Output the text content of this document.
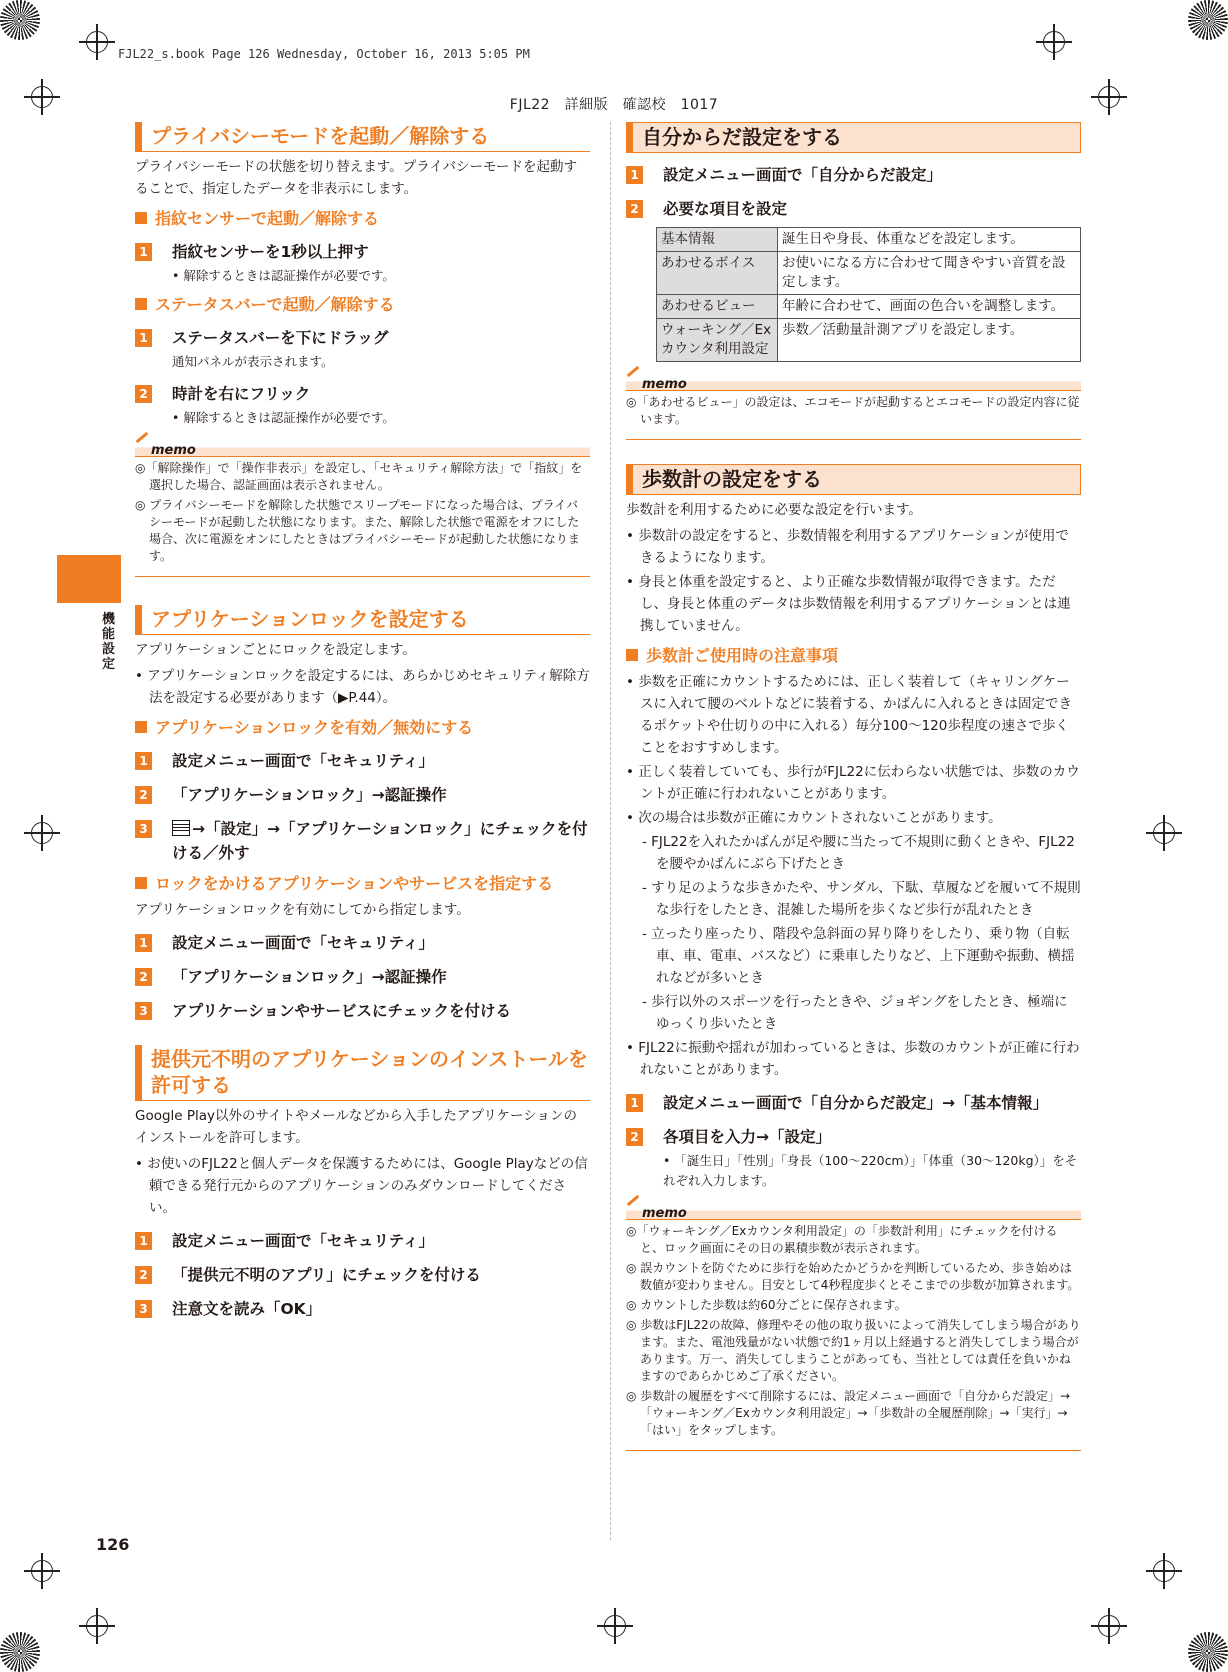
FJL22_s.book Page 126 Wednesday, October 16, 2013 5:05 PM
FJL22　詳細版　確認校　1017
機能設定
126
プライバシーモードを起動／解除する

プライバシーモードの状態を切り替えます。プライバシーモードを起動することで、指定したデータを非表示にします。

指紋センサーで起動／解除する
1 指紋センサーを1秒以上押す
• 解除するときは認証操作が必要です。
ステータスバーで起動／解除する
1 ステータスバーを下にドラッグ
通知パネルが表示されます。
2 時計を右にフリック
• 解除するときは認証操作が必要です。
memo
◎「解除操作」で「操作非表示」を設定し、「セキュリティ解除方法」で「指紋」を選択した場合、認証画面は表示されません。
◎ プライバシーモードを解除した状態でスリープモードになった場合は、プライバシーモードが起動した状態になります。また、解除した状態で電源をオフにした場合、次に電源をオンにしたときはプライバシーモードが起動した状態になります。
アプリケーションロックを設定する

アプリケーションごとにロックを設定します。

• アプリケーションロックを設定するには、あらかじめセキュリティ解除方法を設定する必要があります（▶P.44）。
アプリケーションロックを有効／無効にする
1 設定メニュー画面で「セキュリティ」
2 「アプリケーションロック」→認証操作
3	→「設定」→「アプリケーションロック」にチェックを付ける／外す
ロックをかけるアプリケーションやサービスを指定する

アプリケーションロックを有効にしてから指定します。

1 設定メニュー画面で「セキュリティ」
2 「アプリケーションロック」→認証操作
3 アプリケーションやサービスにチェックを付ける
提供元不明のアプリケーションのインストールを許可する

Google Play以外のサイトやメールなどから入手したアプリケーションのインストールを許可します。

• お使いのFJL22と個人データを保護するためには、Google Playなどの信頼できる発行元からのアプリケーションのみダウンロードしてください。
1 設定メニュー画面で「セキュリティ」
2 「提供元不明のアプリ」にチェックを付ける
3 注意文を読み「OK」
自分からだ設定をする
1 設定メニュー画面で「自分からだ設定」
2 必要な項目を設定
基本情報	誕生日や身長、体重などを設定します。
あわせるボイス	お使いになる方に合わせて聞きやすい音質を設定します。
あわせるビュー	年齢に合わせて、画面の色合いを調整します。
ウォーキング／Exカウンタ利用設定	歩数／活動量計測アプリを設定します。
memo
◎「あわせるビュー」の設定は、エコモードが起動するとエコモードの設定内容に従います。
歩数計の設定をする

歩数計を利用するために必要な設定を行います。

• 歩数計の設定をすると、歩数情報を利用するアプリケーションが使用できるようになります。
• 身長と体重を設定すると、より正確な歩数情報が取得できます。ただし、身長と体重のデータは歩数情報を利用するアプリケーションとは連携していません。
歩数計ご使用時の注意事項
• 歩数を正確にカウントするためには、正しく装着して（キャリングケースに入れて腰のベルトなどに装着する、かばんに入れるときは固定できるポケットや仕切りの中に入れる）毎分100〜120歩程度の速さで歩くことをおすすめします。
• 正しく装着していても、歩行がFJL22に伝わらない状態では、歩数のカウントが正確に行われないことがあります。
• 次の場合は歩数が正確にカウントされないことがあります。
- FJL22を入れたかばんが足や腰に当たって不規則に動くときや、FJL22を腰やかばんにぶら下げたとき
- すり足のような歩きかたや、サンダル、下駄、草履などを履いて不規則な歩行をしたとき、混雑した場所を歩くなど歩行が乱れたとき
- 立ったり座ったり、階段や急斜面の昇り降りをしたり、乗り物（自転車、車、電車、バスなど）に乗車したりなど、上下運動や振動、横揺れなどが多いとき
- 歩行以外のスポーツを行ったときや、ジョギングをしたとき、極端にゆっくり歩いたとき
• FJL22に振動や揺れが加わっているときは、歩数のカウントが正確に行われないことがあります。
1 設定メニュー画面で「自分からだ設定」→「基本情報」
2 各項目を入力→「設定」
• 「誕生日」「性別」「身長（100〜220cm）」「体重（30〜120kg）」をそれぞれ入力します。
memo
◎「ウォーキング／Exカウンタ利用設定」の「歩数計利用」にチェックを付けると、ロック画面にその日の累積歩数が表示されます。
◎ 誤カウントを防ぐために歩行を始めたかどうかを判断しているため、歩き始めは数値が変わりません。目安として4秒程度歩くとそこまでの歩数が加算されます。
◎ カウントした歩数は約60分ごとに保存されます。
◎ 歩数はFJL22の故障、修理やその他の取り扱いによって消失してしまう場合があります。また、電池残量がない状態で約1ヶ月以上経過すると消失してしまう場合があります。万一、消失してしまうことがあっても、当社としては責任を負いかねますのであらかじめご了承ください。
◎ 歩数計の履歴をすべて削除するには、設定メニュー画面で「自分からだ設定」→「ウォーキング／Exカウンタ利用設定」→「歩数計の全履歴削除」→「実行」→「はい」をタップします。
